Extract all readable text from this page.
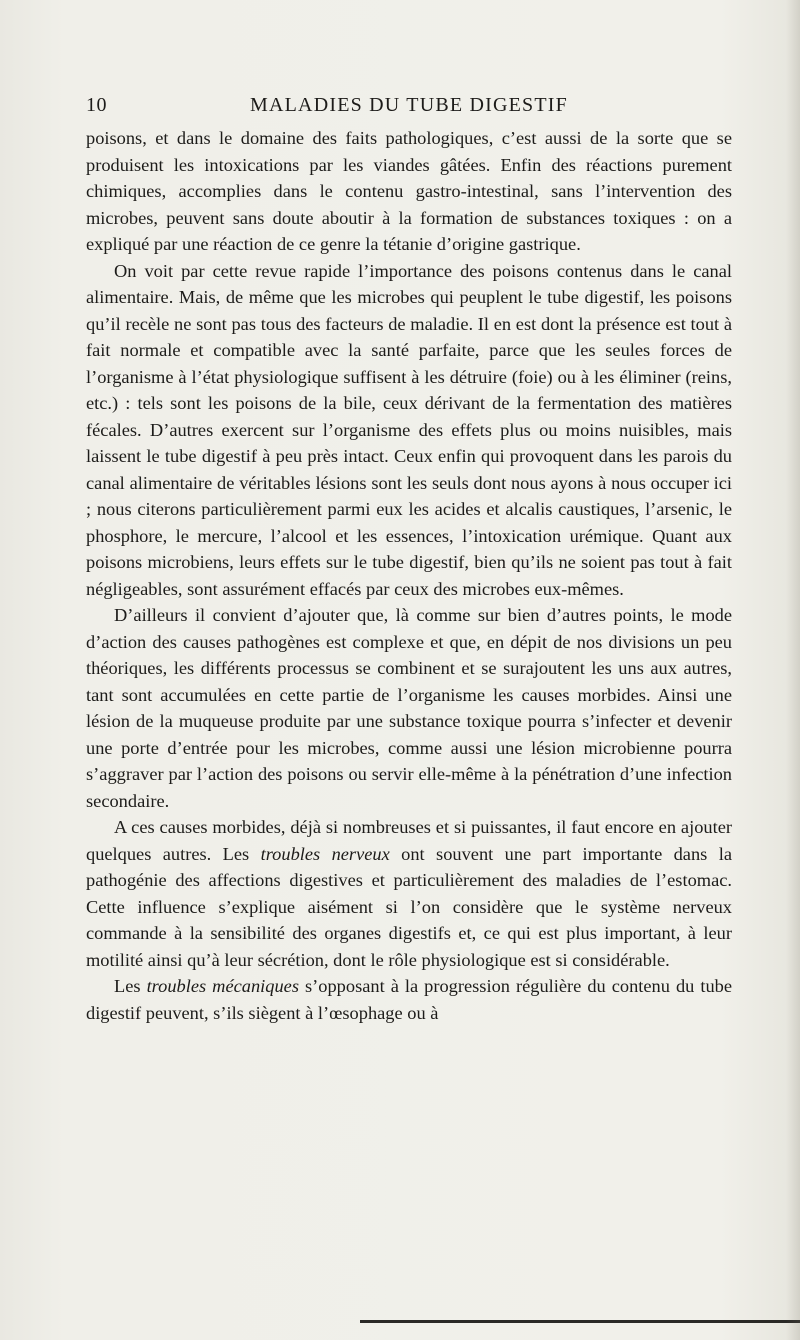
10	MALADIES DU TUBE DIGESTIF

poisons, et dans le domaine des faits pathologiques, c’est aussi de la sorte que se produisent les intoxications par les viandes gâtées. Enfin des réactions purement chimiques, accomplies dans le contenu gastro-intestinal, sans l’intervention des microbes, peuvent sans doute aboutir à la formation de substances toxiques : on a expliqué par une réaction de ce genre la tétanie d’origine gastrique.

On voit par cette revue rapide l’importance des poisons contenus dans le canal alimentaire. Mais, de même que les microbes qui peuplent le tube digestif, les poisons qu’il recèle ne sont pas tous des facteurs de maladie. Il en est dont la présence est tout à fait normale et compatible avec la santé parfaite, parce que les seules forces de l’organisme à l’état physiologique suffisent à les détruire (foie) ou à les éliminer (reins, etc.) : tels sont les poisons de la bile, ceux dérivant de la fermentation des matières fécales. D’autres exercent sur l’organisme des effets plus ou moins nuisibles, mais laissent le tube digestif à peu près intact. Ceux enfin qui provoquent dans les parois du canal alimentaire de véritables lésions sont les seuls dont nous ayons à nous occuper ici ; nous citerons particulièrement parmi eux les acides et alcalis caustiques, l’arsenic, le phosphore, le mercure, l’alcool et les essences, l’intoxication urémique. Quant aux poisons microbiens, leurs effets sur le tube digestif, bien qu’ils ne soient pas tout à fait négligeables, sont assurément effacés par ceux des microbes eux-mêmes.

D’ailleurs il convient d’ajouter que, là comme sur bien d’autres points, le mode d’action des causes pathogènes est complexe et que, en dépit de nos divisions un peu théoriques, les différents processus se combinent et se surajoutent les uns aux autres, tant sont accumulées en cette partie de l’organisme les causes morbides. Ainsi une lésion de la muqueuse produite par une substance toxique pourra s’infecter et devenir une porte d’entrée pour les microbes, comme aussi une lésion microbienne pourra s’aggraver par l’action des poisons ou servir elle-même à la pénétration d’une infection secondaire.

A ces causes morbides, déjà si nombreuses et si puissantes, il faut encore en ajouter quelques autres. Les troubles nerveux ont souvent une part importante dans la pathogénie des affections digestives et particulièrement des maladies de l’estomac. Cette influence s’explique aisément si l’on considère que le système nerveux commande à la sensibilité des organes digestifs et, ce qui est plus important, à leur motilité ainsi qu’à leur sécrétion, dont le rôle physiologique est si considérable.

Les troubles mécaniques s’opposant à la progression régulière du contenu du tube digestif peuvent, s’ils siègent à l’œsophage ou à
